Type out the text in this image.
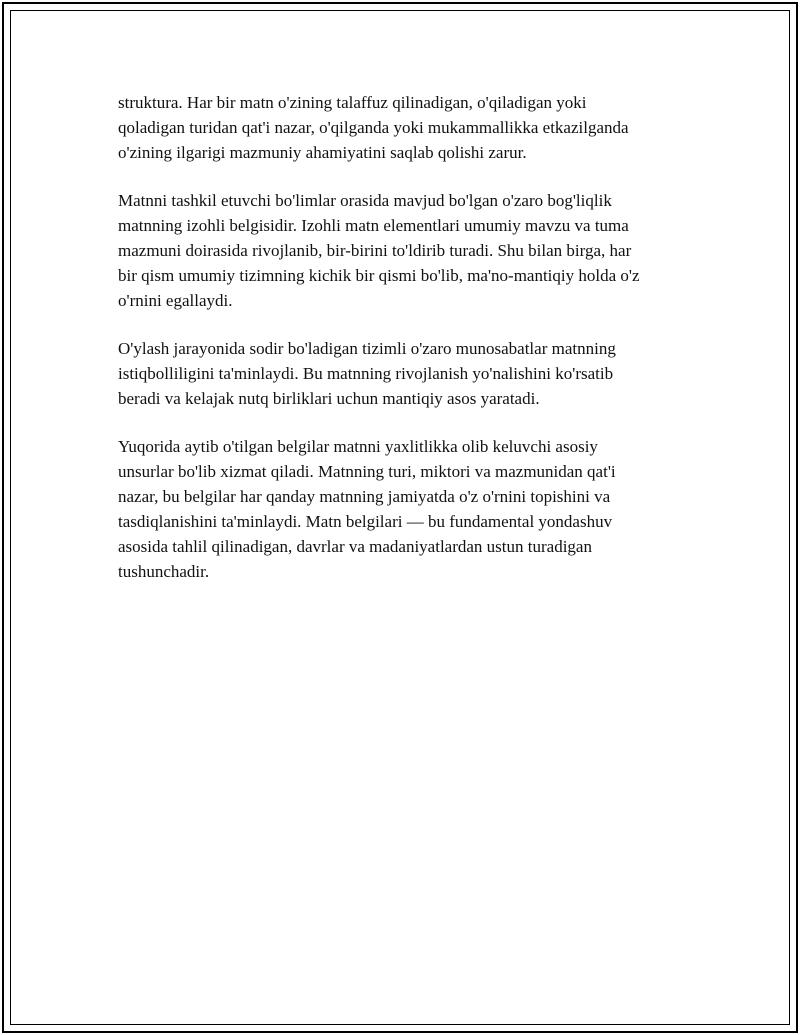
struktura. Har bir matn o'zining talaffuz qilinadigan, o'qiladigan yoki
qoladigan turidan qat'i nazar, o'qilganda yoki mukammallikka etkazilganda
o'zining ilgarigi mazmuniy ahamiyatini saqlab qolishi zarur.

Matnni tashkil etuvchi bo'limlar orasida mavjud bo'lgan o'zaro bog'liqlik
matnning izohli belgisidir. Izohli matn elementlari umumiy mavzu va tuma
mazmuni doirasida rivojlanib, bir-birini to'ldirib turadi. Shu bilan birga, har
bir qism umumiy tizimning kichik bir qismi bo'lib, ma'no-mantiqiy holda o'z
o'rnini egallaydi.

O'ylash jarayonida sodir bo'ladigan tizimli o'zaro munosabatlar matnning
istiqbolliligini ta'minlaydi. Bu matnning rivojlanish yo'nalishini ko'rsatib
beradi va kelajak nutq birliklari uchun mantiqiy asos yaratadi.

Yuqorida aytib o'tilgan belgilar matnni yaxlitlikka olib keluvchi asosiy
unsurlar bo'lib xizmat qiladi. Matnning turi, miktori va mazmunidan qat'i
nazar, bu belgilar har qanday matnning jamiyatda o'z o'rnini topishini va
tasdiqlanishini ta'minlaydi. Matn belgilari — bu fundamental yondashuv
asosida tahlil qilinadigan, davrlar va madaniyatlardan ustun turadigan
tushunchadir.
